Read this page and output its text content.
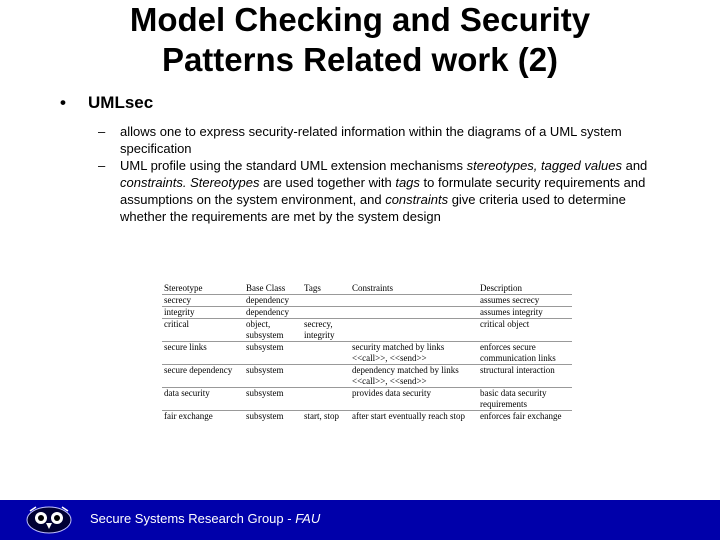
Model Checking and Security
Patterns Related work (2)
• UMLsec
– allows one to express security-related information within the diagrams of a UML system specification
– UML profile using the standard UML extension mechanisms stereotypes, tagged values and constraints. Stereotypes are used together with tags to formulate security requirements and assumptions on the system environment, and constraints give criteria used to determine whether the requirements are met by the system design
Stereotype	Base Class	Tags	Constraints	Description
secrecy	dependency			assumes secrecy
integrity	dependency			assumes integrity
critical	object, subsystem	secrecy, integrity		critical object
secure links	subsystem		security matched by links <<call>>, <<send>>	enforces secure communication links
secure dependency	subsystem		dependency matched by links <<call>>, <<send>>	structural interaction
data security	subsystem		provides data security	basic data security requirements
fair exchange	subsystem	start, stop	after start eventually reach stop	enforces fair exchange
Secure Systems Research Group - FAU
